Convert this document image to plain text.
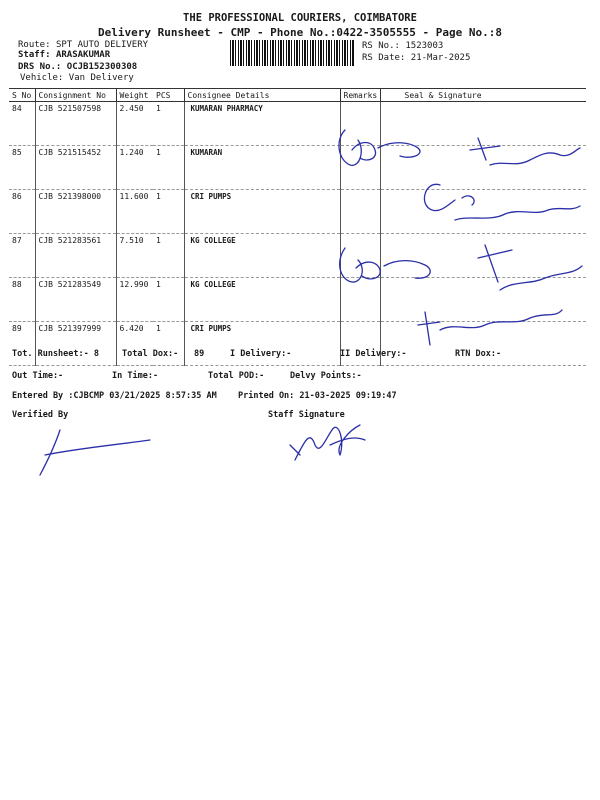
THE PROFESSIONAL COURIERS, COIMBATORE
Delivery Runsheet - CMP - Phone No.:0422-3505555 - Page No.:8
Route: SPT AUTO DELIVERY
Staff: ARASAKUMAR
DRS No.: OCJB152300308
Vehicle: Van Delivery
RS No.: 1523003
RS Date: 21-Mar-2025
S No	Consignment No	Weight	PCS	Consignee Details	Remarks	Seal & Signature
84	CJB 521507598	2.450	1	KUMARAN PHARMACY		
85	CJB 521515452	1.240	1	KUMARAN		
86	CJB 521398000	11.600	1	CRI PUMPS		
87	CJB 521283561	7.510	1	KG COLLEGE		
88	CJB 521283549	12.990	1	KG COLLEGE		
89	CJB 521397999	6.420	1	CRI PUMPS		
Tot. Runsheet:- 8	Total Dox:- 89	I Delivery:-	II Delivery:-	RTN Dox:-
Out Time:-	In Time:-	Total POD:-	Delvy Points:-
Entered By :CJBCMP 03/21/2025 8:57:35 AM	Printed On: 21-03-2025 09:19:47
Verified By	Staff Signature
